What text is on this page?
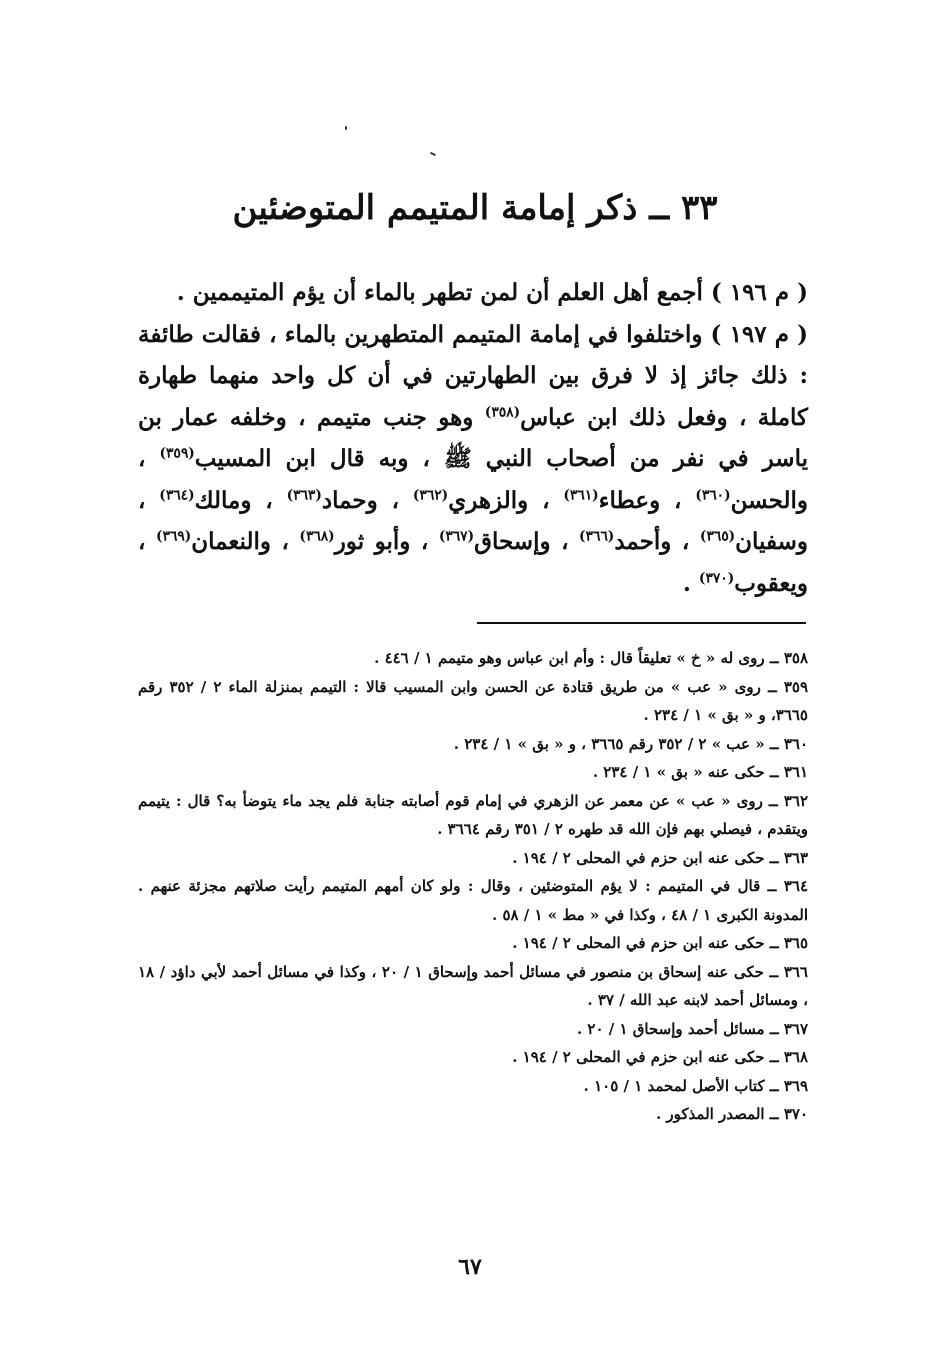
٣٣ ــ ذكر إمامة المتيمم المتوضئين

( م ١٩٦ ) أجمع أهل العلم أن لمن تطهر بالماء أن يؤم المتيممين .

( م ١٩٧ ) واختلفوا في إمامة المتيمم المتطهرين بالماء ، فقالت طائفة : ذلك جائز إذ لا فرق بين الطهارتين في أن كل واحد منهما طهارة كاملة ، وفعل ذلك ابن عباس$^{(٣٥٨)}$ وهو جنب متيمم ، وخلفه عمار بن ياسر في نفر من أصحاب النبي ﷺ ، وبه قال ابن المسيب$^{(٣٥٩)}$ ، والحسن$^{(٣٦٠)}$ ، وعطاء$^{(٣٦١)}$ ، والزهري$^{(٣٦٢)}$ ، وحماد$^{(٣٦٣)}$ ، ومالك$^{(٣٦٤)}$ ، وسفيان$^{(٣٦٥)}$ ، وأحمد$^{(٣٦٦)}$ ، وإسحاق$^{(٣٦٧)}$ ، وأبو ثور$^{(٣٦٨)}$ ، والنعمان$^{(٣٦٩)}$ ، ويعقوب$^{(٣٧٠)}$ .

٣٥٨ ــ روى له « خ » تعليقاً قال : وأم ابن عباس وهو متيمم ١ / ٤٤٦ .

٣٥٩ ــ روى « عب » من طريق قتادة عن الحسن وابن المسيب قالا : التيمم بمنزلة الماء ٢ / ٣٥٢ رقم ٣٦٦٥، و « بق » ١ / ٢٣٤ .

٣٦٠ ــ « عب » ٢ / ٣٥٢ رقم ٣٦٦٥ ، و « بق » ١ / ٢٣٤ .

٣٦١ ــ حكى عنه « بق » ١ / ٢٣٤ .

٣٦٢ ــ روى « عب » عن معمر عن الزهري في إمام قوم أصابته جنابة فلم يجد ماء يتوضأ به؟ قال : يتيمم ويتقدم ، فيصلي بهم فإن الله قد طهره ٢ / ٣٥١ رقم ٣٦٦٤ .

٣٦٣ ــ حكى عنه ابن حزم في المحلى ٢ / ١٩٤ .

٣٦٤ ــ قال في المتيمم : لا يؤم المتوضئين ، وقال : ولو كان أمهم المتيمم رأيت صلاتهم مجزئة عنهم . المدونة الكبرى ١ / ٤٨ ، وكذا في « مط » ١ / ٥٨ .

٣٦٥ ــ حكى عنه ابن حزم في المحلى ٢ / ١٩٤ .

٣٦٦ ــ حكى عنه إسحاق بن منصور في مسائل أحمد وإسحاق ١ / ٢٠ ، وكذا في مسائل أحمد لأبي داؤد / ١٨ ، ومسائل أحمد لابنه عبد الله / ٣٧ .

٣٦٧ ــ مسائل أحمد وإسحاق ١ / ٢٠ .

٣٦٨ ــ حكى عنه ابن حزم في المحلى ٢ / ١٩٤ .

٣٦٩ ــ كتاب الأصل لمحمد ١ / ١٠٥ .

٣٧٠ ــ المصدر المذكور .

٦٧
